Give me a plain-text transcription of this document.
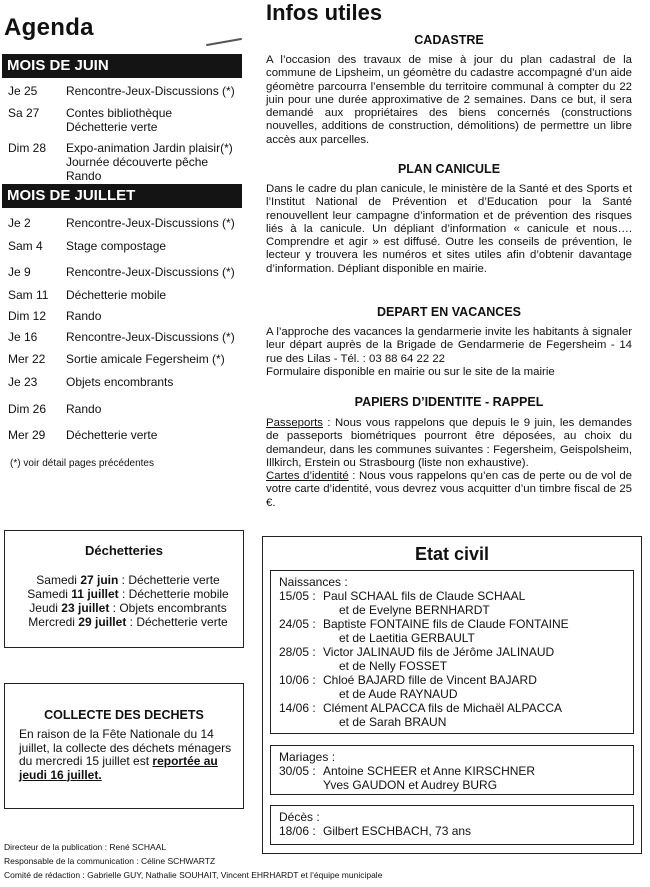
Agenda
MOIS DE JUIN
Je 25	Rencontre-Jeux-Discussions (*)
Sa 27	Contes bibliothèque
Déchetterie verte
Dim 28	Expo-animation Jardin plaisir(*)
Journée découverte pêche
Rando
MOIS DE JUILLET
Je 2	Rencontre-Jeux-Discussions (*)
Sam 4	Stage compostage
Je 9	Rencontre-Jeux-Discussions (*)
Sam 11	Déchetterie mobile
Dim 12	Rando
Je 16	Rencontre-Jeux-Discussions (*)
Mer 22	Sortie amicale Fegersheim (*)
Je 23	Objets encombrants
Dim 26	Rando
Mer 29	Déchetterie verte
(*) voir détail pages précédentes
Infos utiles
CADASTRE

A l’occasion des travaux de mise à jour du plan cadastral de la commune de Lipsheim, un géomètre du cadastre accompagné d’un aide géomètre parcourra l’ensemble du territoire communal à compter du 22 juin pour une durée approximative de 2 semaines. Dans ce but, il sera demandé aux propriétaires des biens concernés (constructions nouvelles, additions de construction, démolitions) de permettre un libre accès aux parcelles.

PLAN CANICULE

Dans le cadre du plan canicule, le ministère de la Santé et des Sports et l’Institut National de Prévention et d’Education pour la Santé renouvellent leur campagne d’information et de prévention des risques liés à la canicule. Un dépliant d’information « canicule et nous…. Comprendre et agir » est diffusé. Outre les conseils de prévention, le lecteur y trouvera les numéros et sites utiles afin d’obtenir davantage d’information. Dépliant disponible en mairie.

DEPART EN VACANCES

A l’approche des vacances la gendarmerie invite les habitants à signaler leur départ auprès de la Brigade de Gendarmerie de Fegersheim - 14 rue des Lilas - Tél. : 03 88 64 22 22

Formulaire disponible en mairie ou sur le site de la mairie

PAPIERS D’IDENTITE - RAPPEL

Passeports : Nous vous rappelons que depuis le 9 juin, les demandes de passeports biométriques pourront être déposées, au choix du demandeur, dans les communes suivantes : Fegersheim, Geispolsheim, Illkirch, Erstein ou Strasbourg (liste non exhaustive).

Cartes d’identité : Nous vous rappelons qu’en cas de perte ou de vol de votre carte d’identité, vous devrez vous acquitter d’un timbre fiscal de 25 €.

Déchetteries
Samedi 27 juin : Déchetterie verte
Samedi 11 juillet : Déchetterie mobile
Jeudi 23 juillet : Objets encombrants
Mercredi 29 juillet : Déchetterie verte
COLLECTE DES DECHETS
En raison de la Fête Nationale du 14 juillet, la collecte des déchets ménagers du mercredi 15 juillet est reportée au jeudi 16 juillet.
Etat civil
Naissances :
15/05 : Paul SCHAAL fils de Claude SCHAAL
et de Evelyne BERNHARDT
24/05 : Baptiste FONTAINE fils de Claude FONTAINE
et de Laetitia GERBAULT
28/05 : Victor JALINAUD fils de Jérôme JALINAUD
et de Nelly FOSSET
10/06 : Chloé BAJARD fille de Vincent BAJARD
et de Aude RAYNAUD
14/06 : Clément ALPACCA fils de Michaël ALPACCA
et de Sarah BRAUN
Mariages :
30/05 : Antoine SCHEER et Anne KIRSCHNER
Yves GAUDON et Audrey BURG
Décès :
18/06 : Gilbert ESCHBACH, 73 ans
Directeur de la publication : René SCHAAL
Responsable de la communication : Céline SCHWARTZ
Comité de rédaction : Gabrielle GUY, Nathalie SOUHAIT, Vincent EHRHARDT et l’équipe municipale
